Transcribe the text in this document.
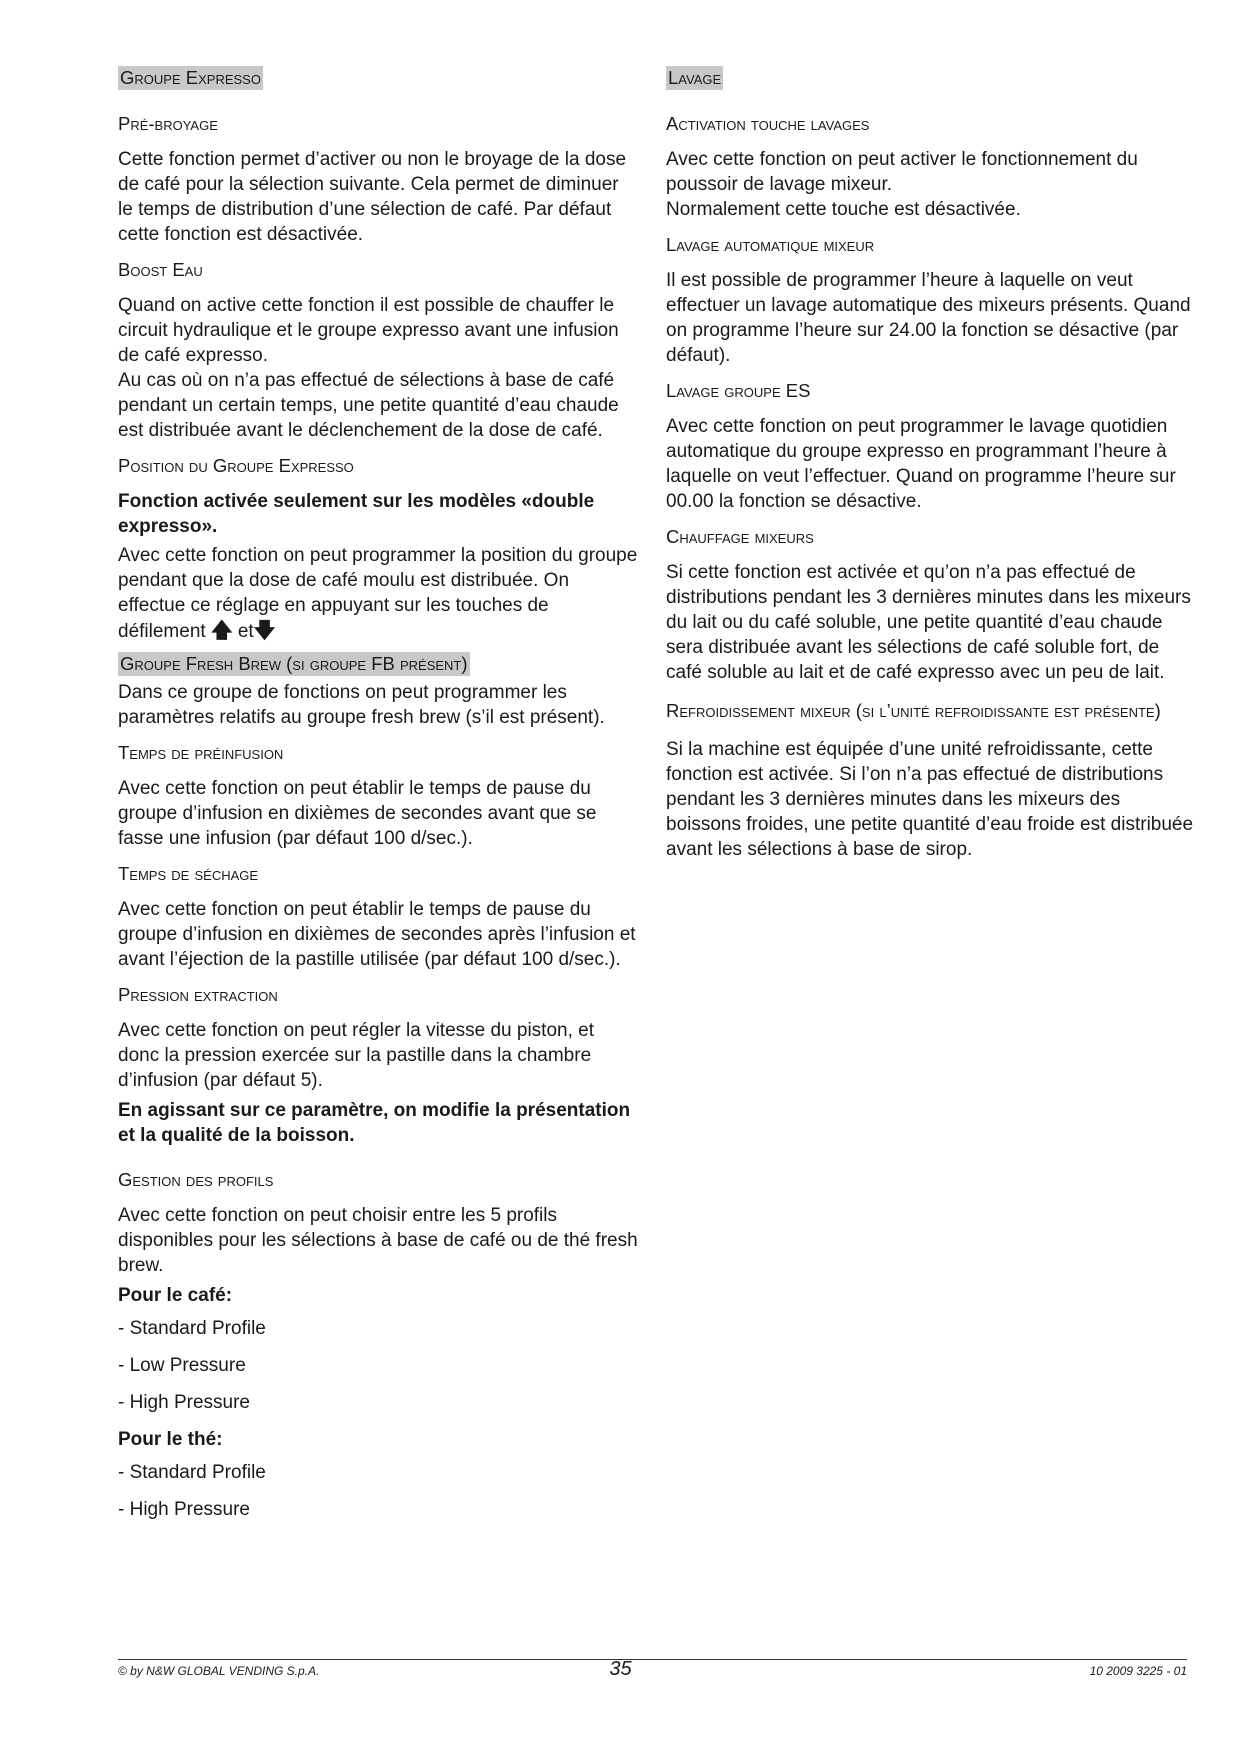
Groupe Expresso
Pré-broyage

Cette fonction permet d’activer ou non le broyage de la dose de café pour la sélection suivante. Cela permet de diminuer le temps de distribution d’une sélection de café. Par défaut cette fonction est désactivée.

Boost Eau

Quand on active cette fonction il est possible de chauffer le circuit hydraulique et le groupe expresso avant une infusion de café expresso.

Au cas où on n’a pas effectué de sélections à base de café pendant un certain temps, une petite quantité d’eau chaude est distribuée avant le déclenchement de la dose de café.

Position du Groupe Expresso

Fonction activée seulement sur les modèles «double expresso».

Avec cette fonction on peut programmer la position du groupe pendant que la dose de café moulu est distribuée. On effectue ce réglage en appuyant sur les touches de défilement 🡅 et🡇

Groupe Fresh Brew (si groupe FB présent)

Dans ce groupe de fonctions on peut programmer les paramètres relatifs au groupe fresh brew (s’il est présent).

Temps de préinfusion

Avec cette fonction on peut établir le temps de pause du groupe d’infusion en dixièmes de secondes avant que se fasse une infusion (par défaut 100 d/sec.).

Temps de séchage

Avec cette fonction on peut établir le temps de pause du groupe d’infusion en dixièmes de secondes après l’infusion et avant l’éjection de la pastille utilisée (par défaut 100 d/sec.).

Pression extraction

Avec cette fonction on peut régler la vitesse du piston, et donc la pression exercée sur la pastille dans la chambre d’infusion (par défaut 5).

En agissant sur ce paramètre, on modifie la présentation et la qualité de la boisson.

Gestion des profils

Avec cette fonction on peut choisir entre les 5 profils disponibles pour les sélections à base de café ou de thé fresh brew.

Pour le café:

- Standard Profile

- Low Pressure

- High Pressure

Pour le thé:

- Standard Profile

- High Pressure

Lavage
Activation touche lavages

Avec cette fonction on peut activer le fonctionnement du poussoir de lavage mixeur.

Normalement cette touche est désactivée.

Lavage automatique mixeur

Il est possible de programmer l’heure à laquelle on veut effectuer un lavage automatique des mixeurs présents. Quand on programme l’heure sur 24.00 la fonction se désactive (par défaut).

Lavage groupe ES

Avec cette fonction on peut programmer le lavage quotidien automatique du groupe expresso en programmant l’heure à laquelle on veut l’effectuer. Quand on programme l’heure sur 00.00 la fonction se désactive.

Chauffage mixeurs

Si cette fonction est activée et qu’on n’a pas effectué de distributions pendant les 3 dernières minutes dans les mixeurs du lait ou du café soluble, une petite quantité d’eau chaude sera distribuée avant les sélections de café soluble fort, de café soluble au lait et de café expresso avec un peu de lait.

Refroidissement mixeur (si l’unité refroidissante est présente)

Si la machine est équipée d’une unité refroidissante, cette fonction est activée. Si l’on n’a pas effectué de distributions pendant les 3 dernières minutes dans les mixeurs des boissons froides, une petite quantité d’eau froide est distribuée avant les sélections à base de sirop.

© by N&W GLOBAL VENDING S.p.A.	35	10 2009 3225 - 01
